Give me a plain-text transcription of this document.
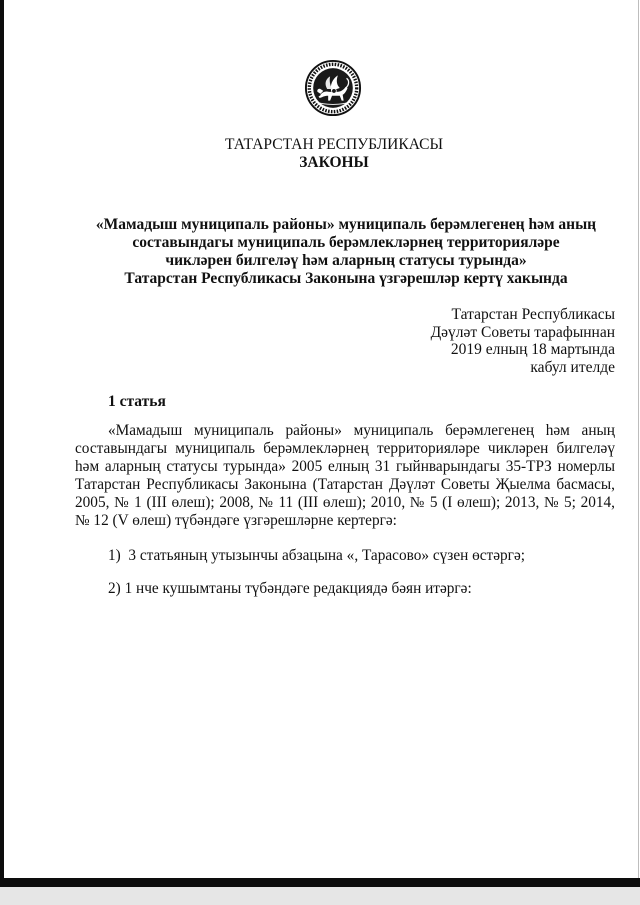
ТАТАРСТАН РЕСПУБЛИКАСЫ
ЗАКОНЫ
«Мамадыш муниципаль районы» муниципаль берәмлегенең һәм аның
составындагы муниципаль берәмлекләрнең территорияләре
чикләрен билгеләү һәм аларның статусы турында»
Татарстан Республикасы Законына үзгәрешләр кертү хакында
Татарстан Республикасы
Дәүләт Советы тарафыннан
2019 елның 18 мартында
кабул ителде
1 статья
«Мамадыш муниципаль районы» муниципаль берәмлегенең һәм аның
составындагы муниципаль берәмлекләрнең территорияләре чикләрен билгеләү
һәм аларның статусы турында» 2005 елның 31 гыйнварындагы 35-ТРЗ номерлы
Татарстан Республикасы Законына (Татарстан Дәүләт Советы Җыелма басмасы,
2005, № 1 (III өлеш); 2008, № 11 (III өлеш); 2010, № 5 (I өлеш); 2013, № 5; 2014,
№ 12 (V өлеш) түбәндәге үзгәрешләрне кертергә:
1)  3 статьяның утызынчы абзацына «, Тарасово» сүзен өстәргә;
2) 1 нче кушымтаны түбәндәге редакциядә бәян итәргә:
